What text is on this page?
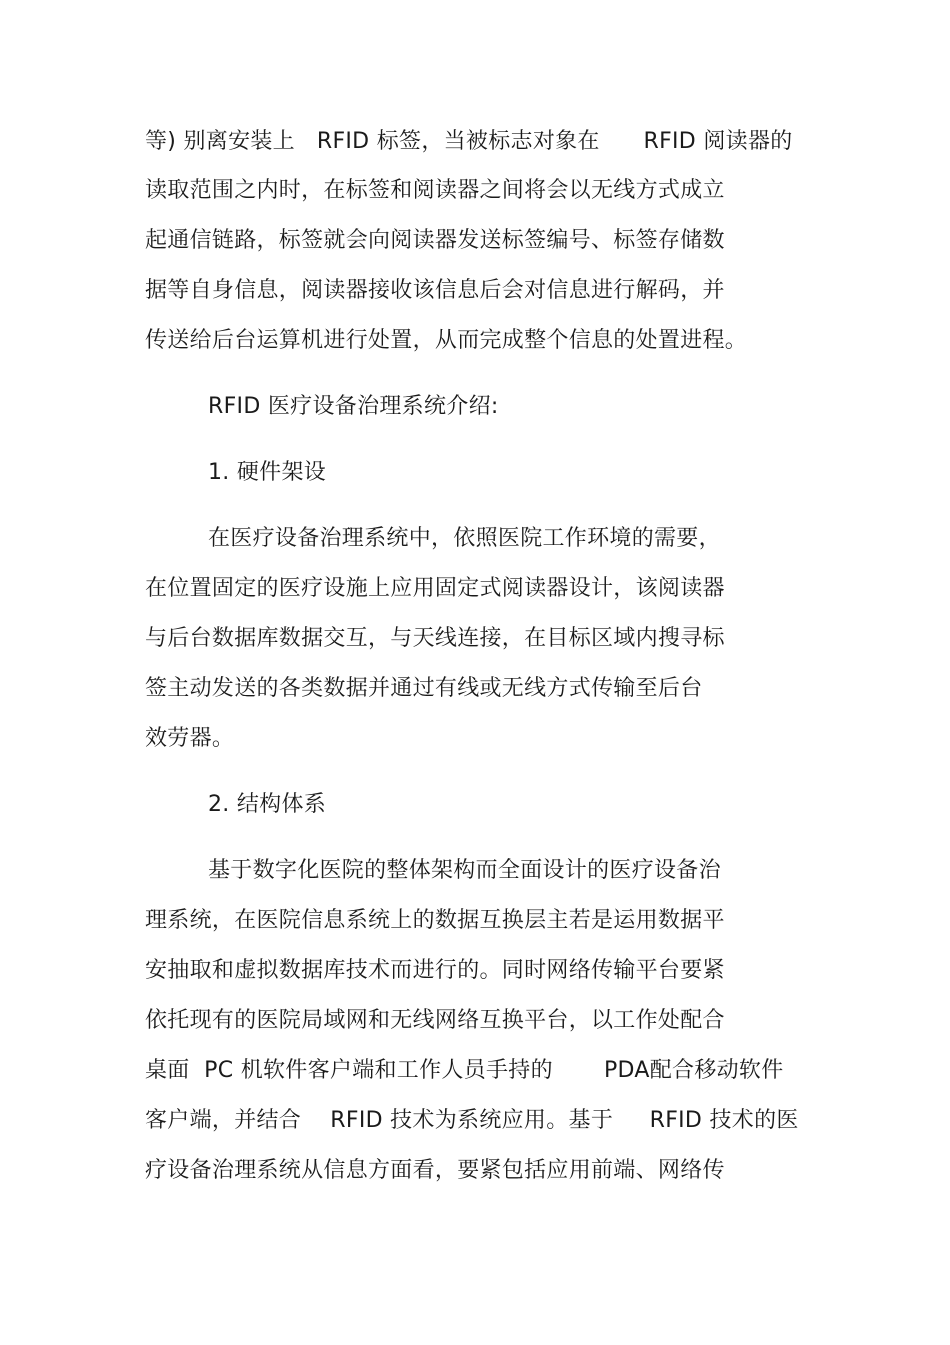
等) 别离安装上   RFID 标签，当被标志对象在      RFID 阅读器的
读取范围之内时，在标签和阅读器之间将会以无线方式成立
起通信链路，标签就会向阅读器发送标签编号、标签存储数
据等自身信息，阅读器接收该信息后会对信息进行解码，并
传送给后台运算机进行处置，从而完成整个信息的处置进程。
RFID 医疗设备治理系统介绍:
1. 硬件架设
在医疗设备治理系统中，依照医院工作环境的需要，
在位置固定的医疗设施上应用固定式阅读器设计，该阅读器
与后台数据库数据交互，与天线连接，在目标区域内搜寻标
签主动发送的各类数据并通过有线或无线方式传输至后台
效劳器。
2. 结构体系
基于数字化医院的整体架构而全面设计的医疗设备治
理系统，在医院信息系统上的数据互换层主若是运用数据平
安抽取和虚拟数据库技术而进行的。同时网络传输平台要紧
依托现有的医院局域网和无线网络互换平台，以工作处配合
桌面  PC 机软件客户端和工作人员手持的       PDA配合移动软件
客户端，并结合    RFID 技术为系统应用。基于     RFID 技术的医
疗设备治理系统从信息方面看，要紧包括应用前端、网络传
